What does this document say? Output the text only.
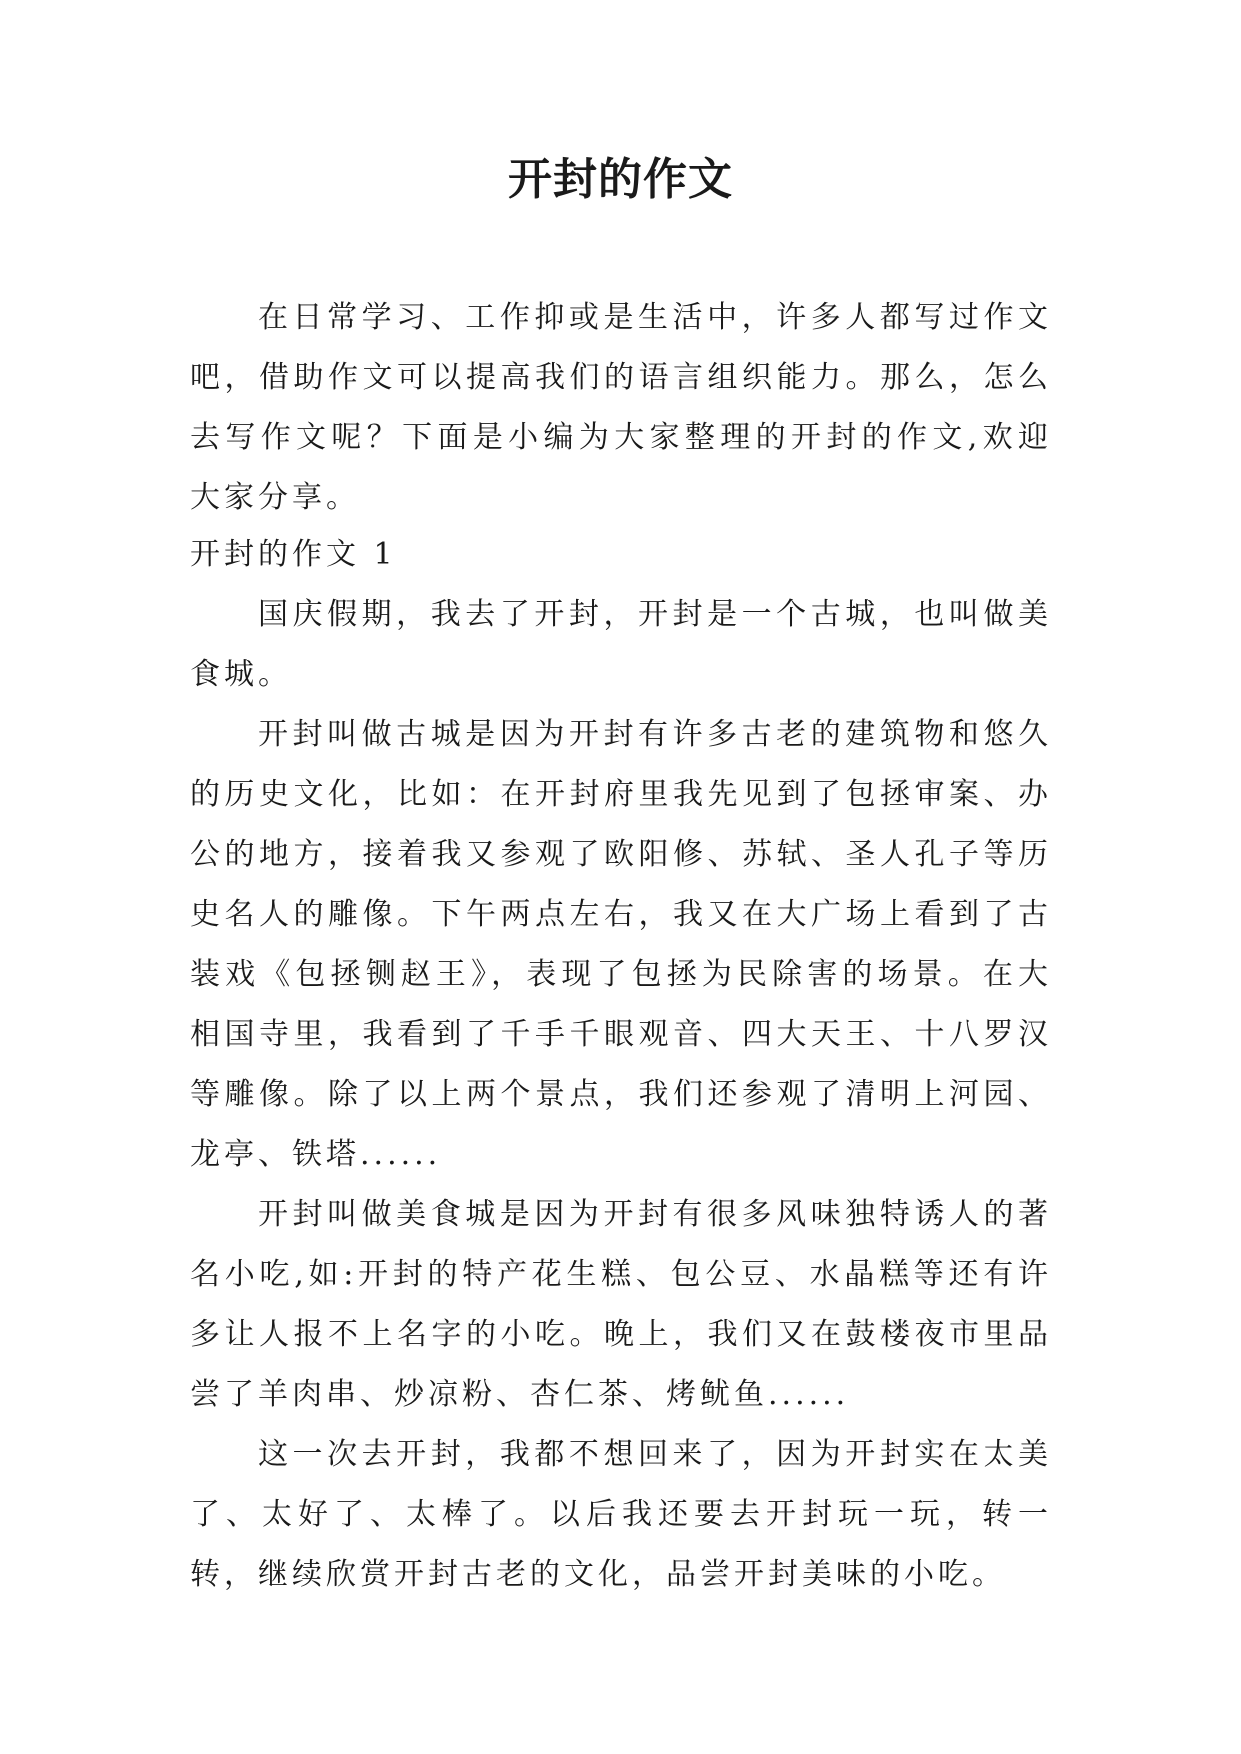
开封的作文

在日常学习、工作抑或是生活中，许多人都写过作文吧，借助作文可以提高我们的语言组织能力。那么，怎么去写作文呢？下面是小编为大家整理的开封的作文,欢迎大家分享。

开封的作文 1

国庆假期，我去了开封，开封是一个古城，也叫做美食城。

开封叫做古城是因为开封有许多古老的建筑物和悠久的历史文化，比如：在开封府里我先见到了包拯审案、办公的地方，接着我又参观了欧阳修、苏轼、圣人孔子等历史名人的雕像。下午两点左右，我又在大广场上看到了古装戏《包拯铡赵王》，表现了包拯为民除害的场景。在大相国寺里，我看到了千手千眼观音、四大天王、十八罗汉等雕像。除了以上两个景点，我们还参观了清明上河园、龙亭、铁塔......

开封叫做美食城是因为开封有很多风味独特诱人的著名小吃,如:开封的特产花生糕、包公豆、水晶糕等还有许多让人报不上名字的小吃。晚上，我们又在鼓楼夜市里品尝了羊肉串、炒凉粉、杏仁茶、烤鱿鱼......

这一次去开封，我都不想回来了，因为开封实在太美了、太好了、太棒了。以后我还要去开封玩一玩，转一转，继续欣赏开封古老的文化，品尝开封美味的小吃。
